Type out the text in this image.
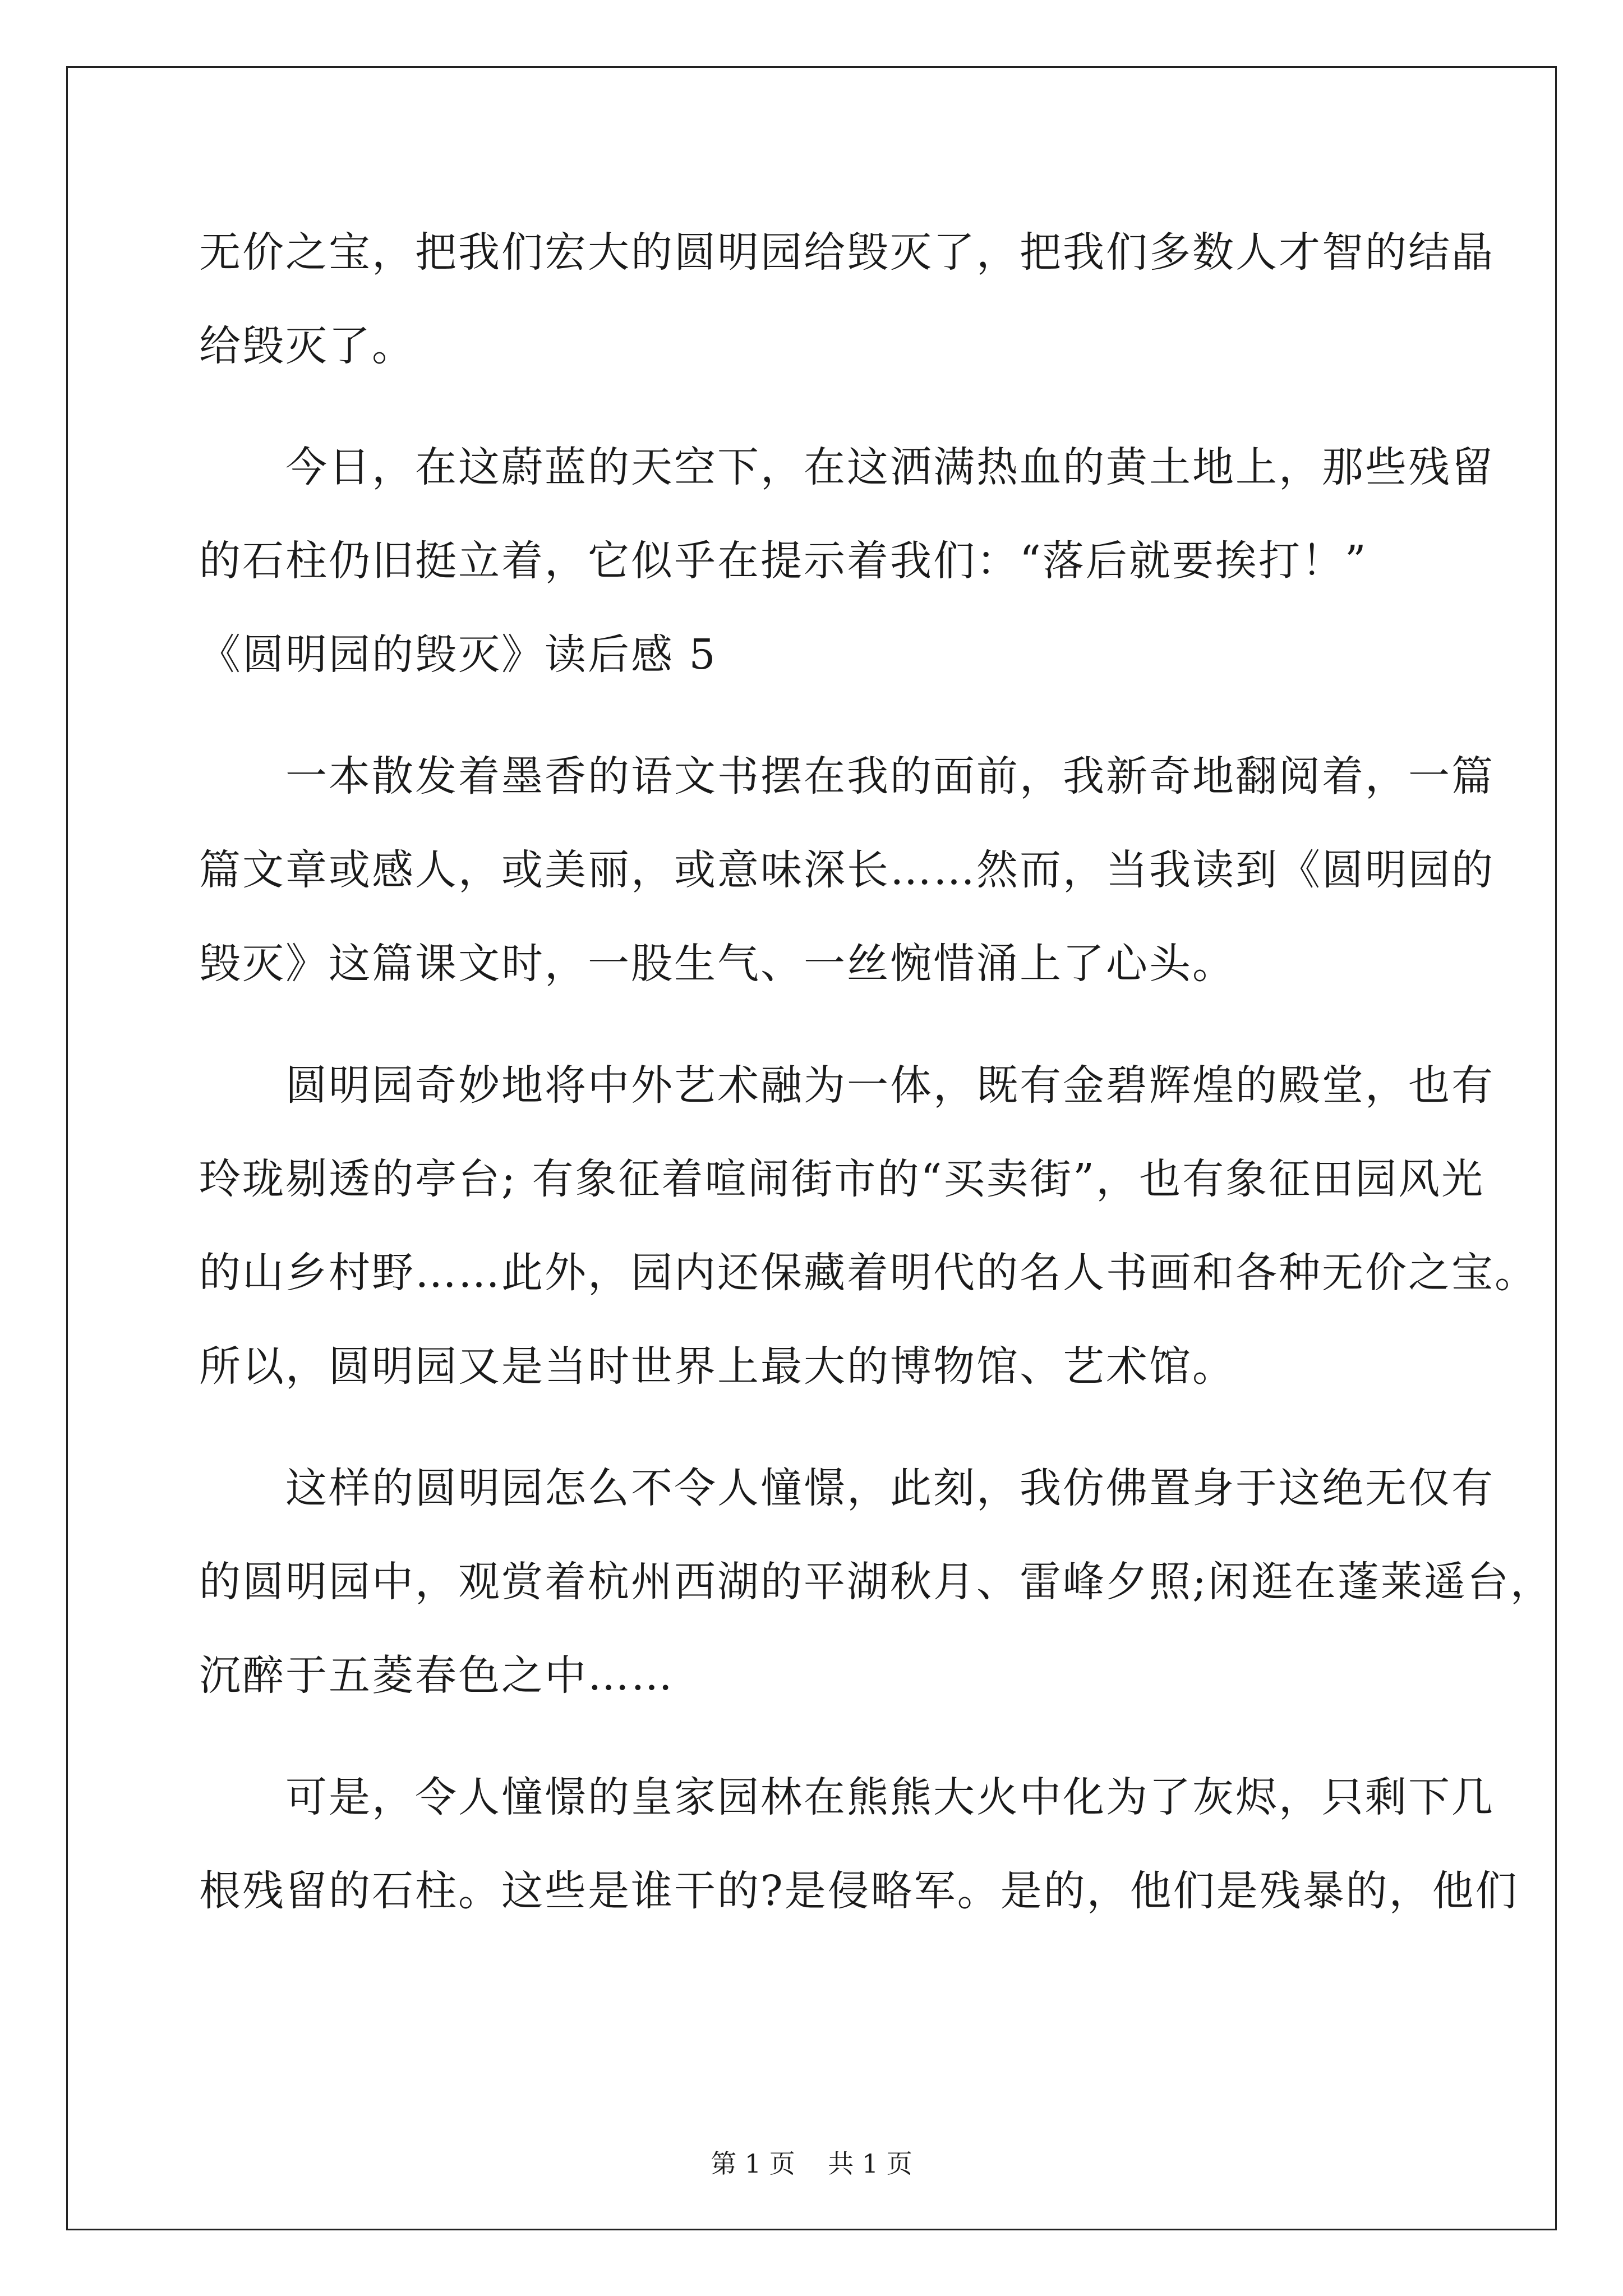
无价之宝，把我们宏大的圆明园给毁灭了，把我们多数人才智的结晶

给毁灭了。

　　今日，在这蔚蓝的天空下，在这洒满热血的黄土地上，那些残留

的石柱仍旧挺立着，它似乎在提示着我们：“落后就要挨打！”

《圆明园的毁灭》读后感 5

　　一本散发着墨香的语文书摆在我的面前，我新奇地翻阅着，一篇

篇文章或感人，或美丽，或意味深长……然而，当我读到《圆明园的

毁灭》这篇课文时，一股生气、一丝惋惜涌上了心头。

　　圆明园奇妙地将中外艺术融为一体，既有金碧辉煌的殿堂，也有

玲珑剔透的亭台; 有象征着喧闹街市的“买卖街”，也有象征田园风光

的山乡村野……此外，园内还保藏着明代的名人书画和各种无价之宝。

所以，圆明园又是当时世界上最大的博物馆、艺术馆。

　　这样的圆明园怎么不令人憧憬，此刻，我仿佛置身于这绝无仅有

的圆明园中，观赏着杭州西湖的平湖秋月、雷峰夕照;闲逛在蓬莱遥台，

沉醉于五菱春色之中……

　　可是，令人憧憬的皇家园林在熊熊大火中化为了灰烬，只剩下几

根残留的石柱。这些是谁干的?是侵略军。是的，他们是残暴的，他们

第 1 页    共 1 页
